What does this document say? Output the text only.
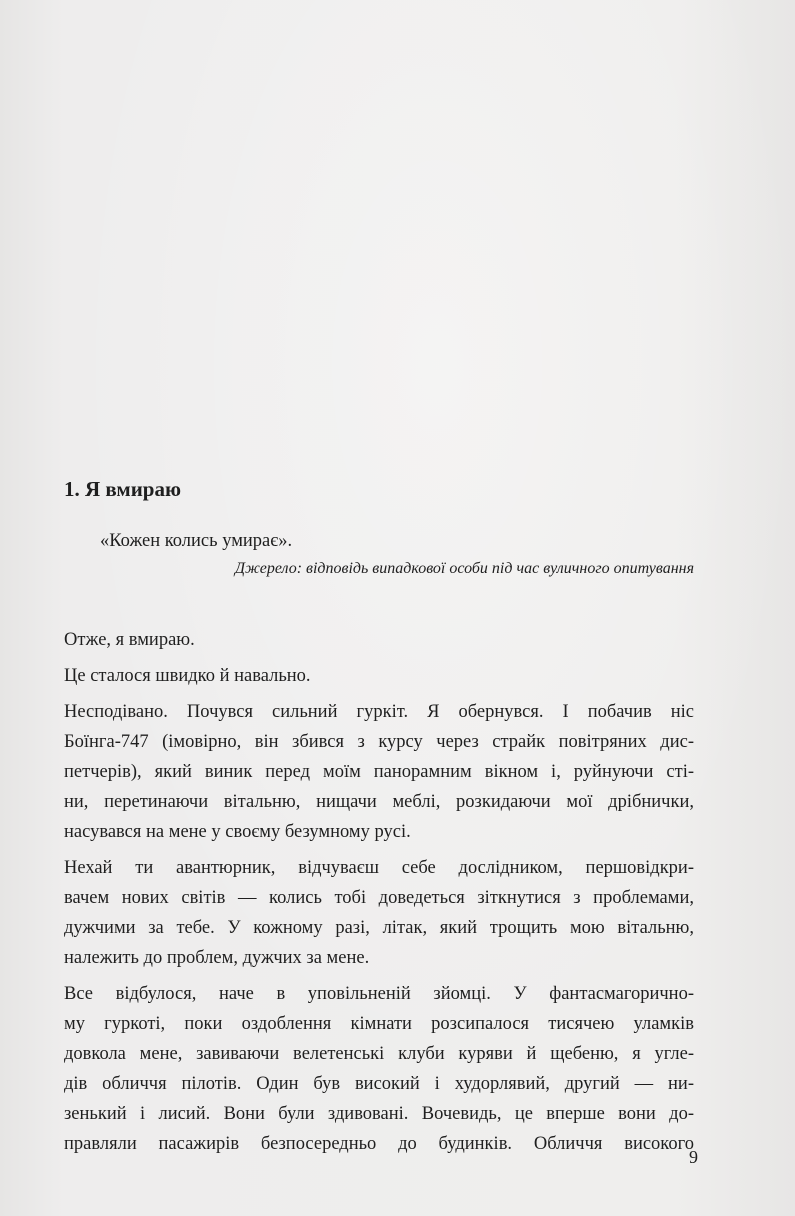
1. Я вмираю

«Кожен колись умирає».

Джерело: відповідь випадкової особи під час вуличного опитування

Отже, я вмираю.
Це сталося швидко й навально.
Несподівано. Почувся сильний гуркіт. Я обернувся. І побачив ніс
Боїнга-747 (імовірно, він збився з курсу через страйк повітряних дис-
петчерів), який виник перед моїм панорамним вікном і, руйнуючи сті-
ни, перетинаючи вітальню, нищачи меблі, розкидаючи мої дрібнички,
насувався на мене у своєму безумному русі.
Нехай ти авантюрник, відчуваєш себе дослідником, першовідкри-
вачем нових світів — колись тобі доведеться зіткнутися з проблемами,
дужчими за тебе. У кожному разі, літак, який трощить мою вітальню,
належить до проблем, дужчих за мене.
Все відбулося, наче в уповільненій зйомці. У фантасмагорично-
му гуркоті, поки оздоблення кімнати розсипалося тисячею уламків
довкола мене, завиваючи велетенські клуби куряви й щебеню, я угле-
дів обличчя пілотів. Один був високий і худорлявий, другий — ни-
зенький і лисий. Вони були здивовані. Вочевидь, це вперше вони до-
правляли пасажирів безпосередньо до будинків. Обличчя високого
9
